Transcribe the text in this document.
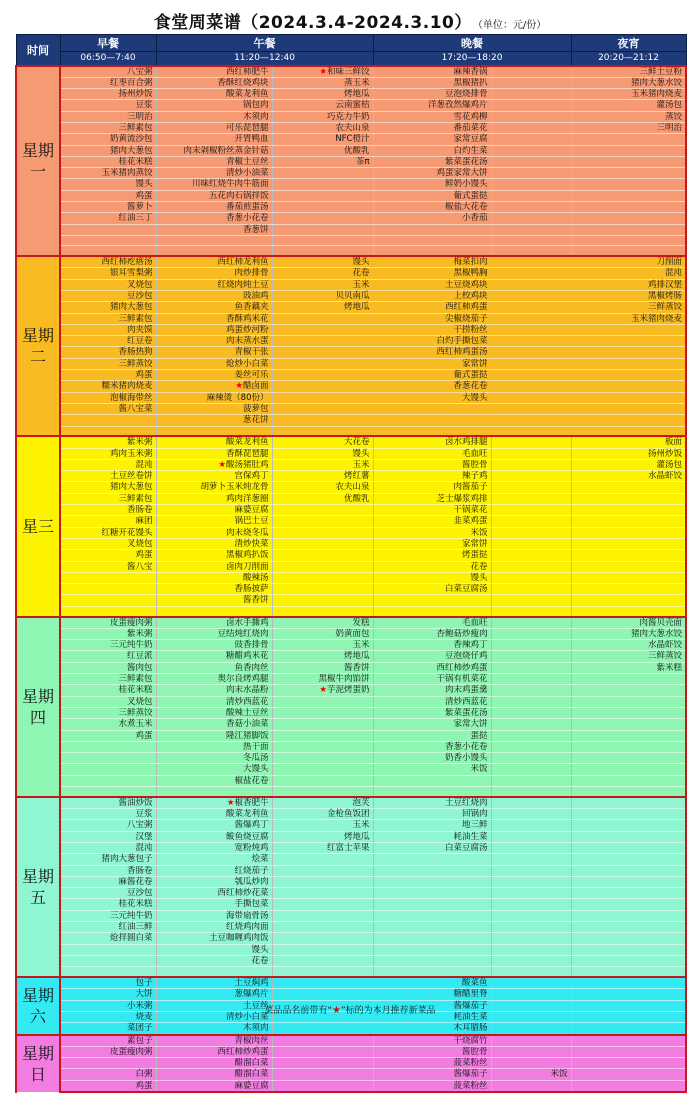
食堂周菜谱（2024.3.4-2024.3.10） （单位：元/份）
时间	早餐	午餐		晚餐		夜宵
	06:50—7:40	11:20—12:40		17:20—18:20		20:20—21:12
星期一	八宝粥	西红柿肥牛	★和味三鲜饺	麻辣香锅		三鲜土豆粉
	红枣百合粥	香酥红烧鸡块	蒸玉米	黑椒猪扒		猪肉大葱水饺
	扬州炒饭	酸菜龙利鱼	烤地瓜	豆泡烧排骨		玉米猪肉烧麦
	豆浆	锅包肉	云南蜜桔	洋葱孜然爆鸡片		灌汤包
	三明治	木须肉	巧克力牛奶	雪花鸡柳		蒸饺
	三鲜素包	可乐琵琶腿	农夫山泉	番茄菜花		三明治
	奶黄流沙包	开胃鸭血	NFC橙汁	家常豆腐		
	猪肉大葱包	肉末剁椒粉丝蒸金针菇	优酸乳	白灼生菜		
	桂花米糕	青椒土豆丝	茶π	紫菜蛋花汤		
	玉米猪肉蒸饺	清炒小油菜		鸡蛋家常大饼		
	馒头	川味红烧牛肉牛筋面		鲜奶小馒头		
	鸡蛋	五花肉石锅拌饭		葡式蛋挞		
	酱萝卜	番茄煎蛋汤		椒盐大花卷		
	红油三丁	香葱小花卷		小香茄		
		香葱饼				

星期二	西红柿疙瘩汤	西红柿龙利鱼	馒头	梅菜扣肉		刀削面
	银耳雪梨粥	肉炒排骨	花卷	黑椒鸭胸		混沌
	叉烧包	红烧肉炖土豆	玉米	土豆烧鸡块		鸡排汉堡
	豆沙包	豉油鸡	贝贝南瓜	上校鸡块		黑椒烤肠
	猪肉大葱包	鱼香藕夹	烤地瓜	西红柿鸡蛋		三鲜蒸饺
	三鲜素包	香酥鸡米花		尖椒烧茄子		玉米猪肉烧麦
	肉夹馍	鸡蛋炒河粉		干捞粉丝		
	红豆卷	肉末蒸水蛋		白灼手撕包菜		
	香肠热狗	青椒干张		西红柿鸡蛋汤		
	三鲜蒸饺	炝炒小白菜		家常饼		
	鸡蛋	姜丝可乐		葡式蛋挞		
	糯米猪肉烧麦	★醋卤面		香葱花卷		
	泡椒海带丝	麻辣烫（80份）		大馒头		
	酱八宝菜	菠萝包				
		葱花饼				

星三	紫米粥	酸菜龙利鱼	大花卷	卤水鸡排腿		板面
	鸡肉玉米粥	香酥琵琶腿	馒头	毛血旺		扬州炒饭
	混沌	★酸汤猪肚鸡	玉米	酱腔骨		灌汤包
	土豆丝卷饼	宫保鸡丁	烤红薯	辣子鸡		水晶虾饺
	猪肉大葱包	胡萝卜玉米炖龙骨	农夫山泉	肉酱茄子		
	三鲜素包	鸡肉洋葱圈	优酸乳	芝士爆浆鸡排		
	香肠卷	麻婆豆腐		干锅菜花		
	麻团	锅巴土豆		韭菜鸡蛋		
	红糖开花馒头	肉末烧冬瓜		米饭		
	叉烧包	清炒快菜		家常饼		
	鸡蛋	黑椒鸡扒饭		烤蛋挞		
	酱八宝	卤肉刀削面		花卷		
		酸辣汤		馒头		
		香肠披萨		白菜豆腐汤		
		酱香饼				

星期四	皮蛋瘦肉粥	卤水手撕鸡	发糕	毛血旺		肉酱贝壳面
	紫米粥	豆结炖红烧肉	奶黄面包	杏鲍菇炒瘦肉		猪肉大葱水饺
	三元纯牛奶	豉香排骨	玉米	香辣鸡丁		水晶虾饺
	红豆派	糖醋鸡米花	烤地瓜	豆泡烧仔鸡		三鲜蒸饺
	酱肉包	鱼香肉丝	酱香饼	西红柿炒鸡蛋		紫米糕
	三鲜素包	奥尔良烤鸡腿	黑椒牛肉馅饼	干锅有机菜花		
	桂花米糕	肉末水晶粉	★芋泥烤蛋奶	肉末鸡蛋羹		
	叉烧包	清炒西蓝花		清炒西蓝花		
	三鲜蒸饺	酸辣土豆丝		紫菜蛋花汤		
	水煮玉米	香菇小油菜		家常大饼		
	鸡蛋	隆江猪脚饭		蛋挞		
		热干面		香葱小花卷		
		冬瓜汤		奶香小馒头		
		大馒头		米饭		
		椒盐花卷				

星期五	酱油炒饭	★椒香肥牛	泡芙	土豆红烧肉		
	豆浆	酸菜龙利鱼	金枪鱼饭团	回锅肉		
	八宝粥	酱爆鸡丁	玉米	地三鲜		
	汉堡	鲅鱼烧豆腐	烤地瓜	耗油生菜		
	混沌	宽粉炖鸡	红富士苹果	白菜豆腐汤		
	猪肉大葱包子	烩菜				
	香肠卷	红烧茄子				
	麻酱花卷	瓠瓜炒肉				
	豆沙包	西红柿炒花菜				
	桂花米糕	手撕包菜				
	三元纯牛奶	海带扇骨汤				
	红油三鲜	红烧鸡肉面				
	炝拌圆白菜	土豆咖喱鸡肉饭				
		馒头				
		花卷				

星期六	包子	土豆焖鸡		酸菜鱼		
	大饼	葱爆鸡片		糖醋里脊		
	小米粥	土豆丝		酱爆茄子		
	烧麦	清炒小白菜		耗油生菜		
	菜团子	木须肉		木耳腊肠		
星期日	素包子	青椒肉丝		干烧腐竹		
	皮蛋瘦肉粥	西红柿炒鸡蛋		酱腔骨		
		醋溜白菜		菠菜粉丝		
	白粥	醋溜白菜		酱爆茄子	米饭	
	鸡蛋	麻婆豆腐		菠菜粉丝		
菜品品名前带有“★”标的为本月推荐新菜品
